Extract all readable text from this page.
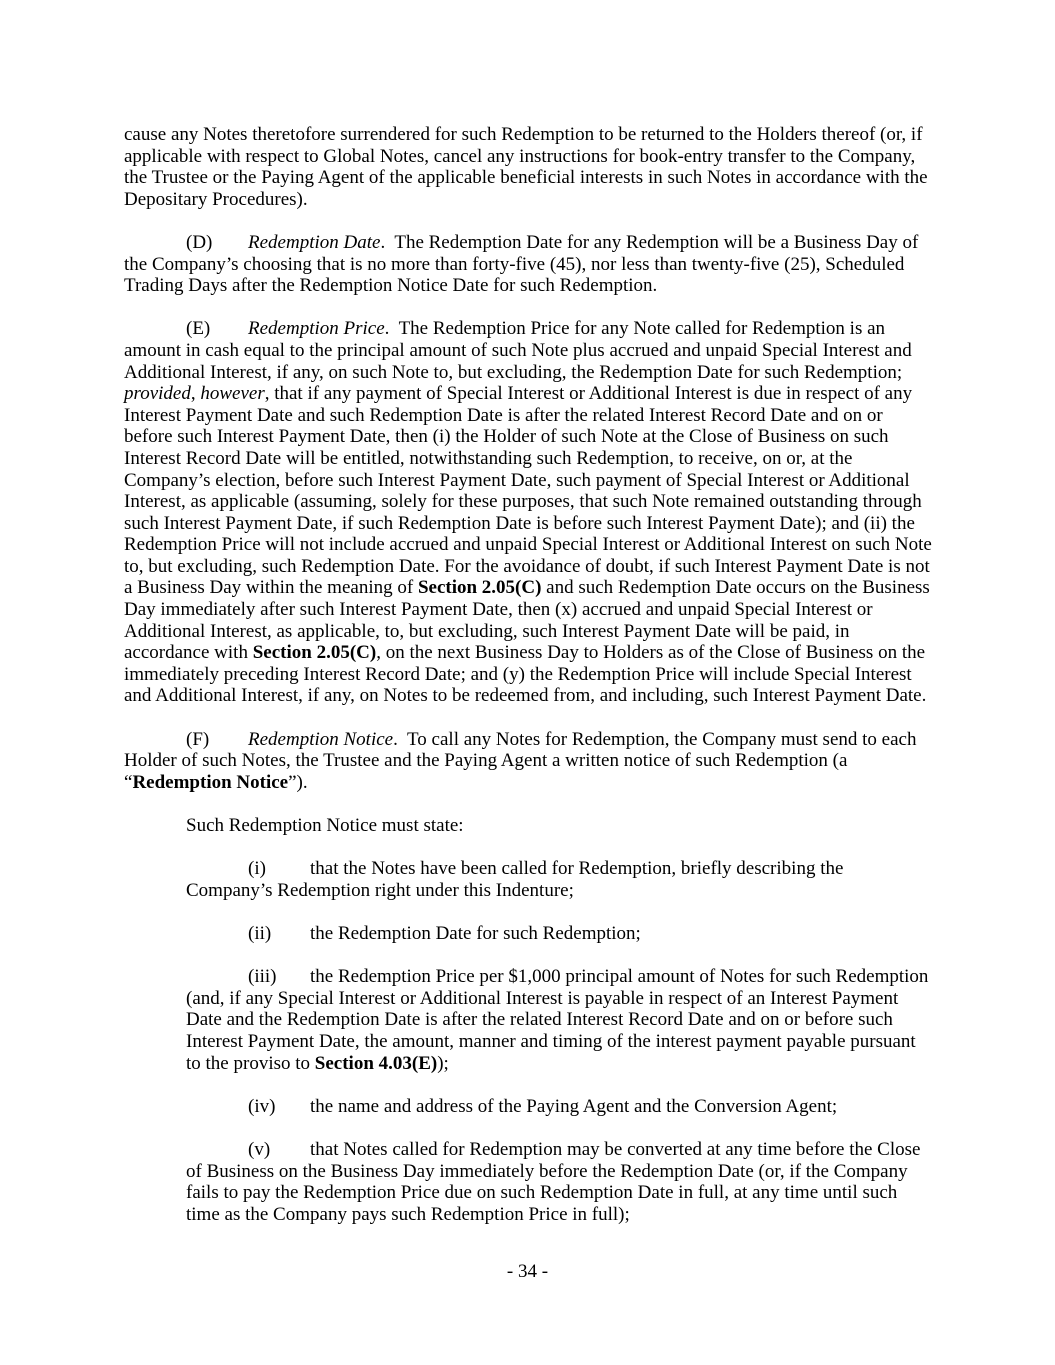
cause any Notes theretofore surrendered for such Redemption to be returned to the Holders thereof (or, if
applicable with respect to Global Notes, cancel any instructions for book-entry transfer to the Company,
the Trustee or the Paying Agent of the applicable beneficial interests in such Notes in accordance with the
Depositary Procedures).
(D) Redemption Date.  The Redemption Date for any Redemption will be a Business Day of
the Company’s choosing that is no more than forty-five (45), nor less than twenty-five (25), Scheduled
Trading Days after the Redemption Notice Date for such Redemption.
(E) Redemption Price.  The Redemption Price for any Note called for Redemption is an
amount in cash equal to the principal amount of such Note plus accrued and unpaid Special Interest and
Additional Interest, if any, on such Note to, but excluding, the Redemption Date for such Redemption;
provided, however, that if any payment of Special Interest or Additional Interest is due in respect of any
Interest Payment Date and such Redemption Date is after the related Interest Record Date and on or
before such Interest Payment Date, then (i) the Holder of such Note at the Close of Business on such
Interest Record Date will be entitled, notwithstanding such Redemption, to receive, on or, at the
Company’s election, before such Interest Payment Date, such payment of Special Interest or Additional
Interest, as applicable (assuming, solely for these purposes, that such Note remained outstanding through
such Interest Payment Date, if such Redemption Date is before such Interest Payment Date); and (ii) the
Redemption Price will not include accrued and unpaid Special Interest or Additional Interest on such Note
to, but excluding, such Redemption Date. For the avoidance of doubt, if such Interest Payment Date is not
a Business Day within the meaning of Section 2.05(C) and such Redemption Date occurs on the Business
Day immediately after such Interest Payment Date, then (x) accrued and unpaid Special Interest or
Additional Interest, as applicable, to, but excluding, such Interest Payment Date will be paid, in
accordance with Section 2.05(C), on the next Business Day to Holders as of the Close of Business on the
immediately preceding Interest Record Date; and (y) the Redemption Price will include Special Interest
and Additional Interest, if any, on Notes to be redeemed from, and including, such Interest Payment Date.
(F) Redemption Notice.  To call any Notes for Redemption, the Company must send to each
Holder of such Notes, the Trustee and the Paying Agent a written notice of such Redemption (a
“Redemption Notice”).
Such Redemption Notice must state:
(i) that the Notes have been called for Redemption, briefly describing the
Company’s Redemption right under this Indenture;
(ii) the Redemption Date for such Redemption;
(iii) the Redemption Price per $1,000 principal amount of Notes for such Redemption
(and, if any Special Interest or Additional Interest is payable in respect of an Interest Payment
Date and the Redemption Date is after the related Interest Record Date and on or before such
Interest Payment Date, the amount, manner and timing of the interest payment payable pursuant
to the proviso to Section 4.03(E));
(iv) the name and address of the Paying Agent and the Conversion Agent;
(v) that Notes called for Redemption may be converted at any time before the Close
of Business on the Business Day immediately before the Redemption Date (or, if the Company
fails to pay the Redemption Price due on such Redemption Date in full, at any time until such
time as the Company pays such Redemption Price in full);
- 34 -
